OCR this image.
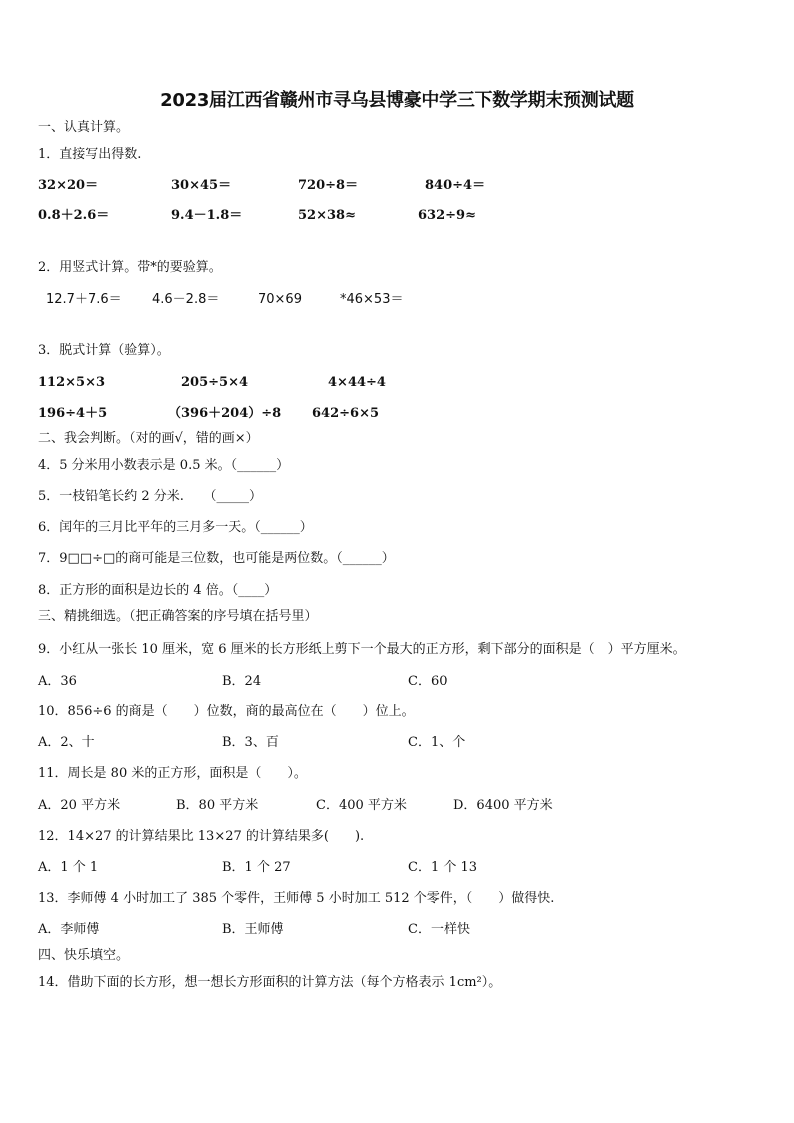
2023届江西省赣州市寻乌县博豪中学三下数学期末预测试题
一、认真计算。
1．直接写出得数.
32×20＝	30×45＝	720÷8＝	840÷4＝
0.8＋2.6＝	9.4－1.8＝	52×38≈	632÷9≈
2．用竖式计算。带*的要验算。
12.7＋7.6＝ 4.6－2.8＝	70×69	*46×53＝
3．脱式计算（验算）。
112×5×3	205÷5×4	4×44÷4
196÷4＋5	（396＋204）÷8 642÷6×5
二、我会判断。（对的画√，错的画×）
4．5 分米用小数表示是 0.5 米。（______）
5．一枝铅笔长约 2 分米.　　（_____）
6．闰年的三月比平年的三月多一天。（______）
7．9□□÷□的商可能是三位数，也可能是两位数。（______）
8．正方形的面积是边长的 4 倍。（____）
三、精挑细选。（把正确答案的序号填在括号里）
9．小红从一张长 10 厘米，宽 6 厘米的长方形纸上剪下一个最大的正方形，剩下部分的面积是（　）平方厘米。
A．36	B．24	C．60
10．856÷6 的商是（　　）位数，商的最高位在（　　）位上。
A．2、十	B．3、百	C．1、个
11．周长是 80 米的正方形，面积是（　　）。
A．20 平方米	B．80 平方米	C．400 平方米	D．6400 平方米
12．14×27 的计算结果比 13×27 的计算结果多(　　).
A．1 个 1	B．1 个 27	C．1 个 13
13．李师傅 4 小时加工了 385 个零件，王师傅 5 小时加工 512 个零件，（　　）做得快.
A．李师傅	B．王师傅	C．一样快
四、快乐填空。
14．借助下面的长方形，想一想长方形面积的计算方法（每个方格表示 1cm²）。
